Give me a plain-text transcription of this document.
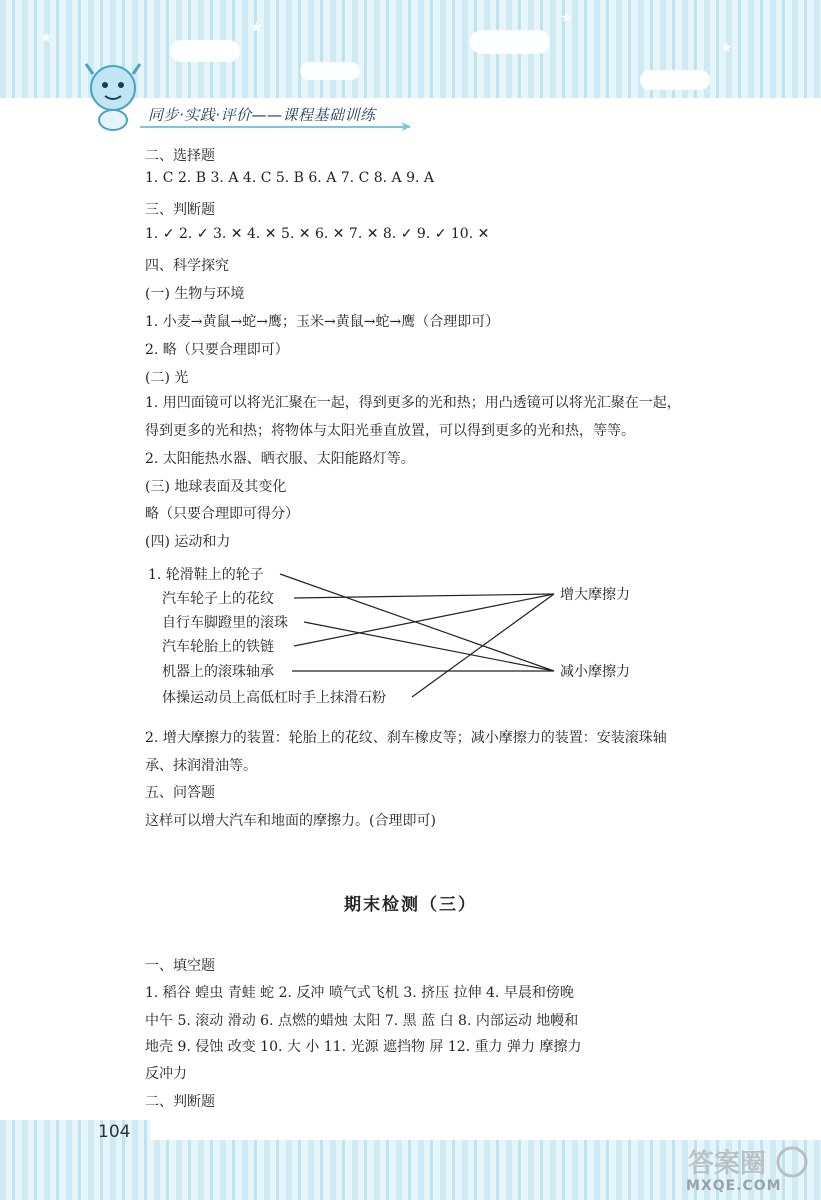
★
★
★
★
同步·实践·评价——课程基础训练
➤
二、选择题
1. C 2. B 3. A 4. C 5. B 6. A 7. C 8. A 9. A
三、判断题
1. ✓ 2. ✓ 3. ✕ 4. ✕ 5. ✕ 6. ✕ 7. ✕ 8. ✓ 9. ✓ 10. ✕
四、科学探究
(一) 生物与环境
1. 小麦→黄鼠→蛇→鹰；玉米→黄鼠→蛇→鹰（合理即可）
2. 略（只要合理即可）
(二) 光
1. 用凹面镜可以将光汇聚在一起，得到更多的光和热；用凸透镜可以将光汇聚在一起，
得到更多的光和热；将物体与太阳光垂直放置，可以得到更多的光和热，等等。
2. 太阳能热水器、晒衣服、太阳能路灯等。
(三) 地球表面及其变化
略（只要合理即可得分）
(四) 运动和力
1. 轮滑鞋上的轮子
汽车轮子上的花纹
自行车脚蹬里的滚珠
汽车轮胎上的铁链
机器上的滚珠轴承
体操运动员上高低杠时手上抹滑石粉
增大摩擦力
减小摩擦力
2. 增大摩擦力的装置：轮胎上的花纹、刹车橡皮等；减小摩擦力的装置：安装滚珠轴
承、抹润滑油等。
五、问答题
这样可以增大汽车和地面的摩擦力。(合理即可)
期末检测（三）
一、填空题
1. 稻谷 蝗虫 青蛙 蛇 2. 反冲 喷气式飞机 3. 挤压 拉伸 4. 早晨和傍晚
中午 5. 滚动 滑动 6. 点燃的蜡烛 太阳 7. 黑 蓝 白 8. 内部运动 地幔和
地壳 9. 侵蚀 改变 10. 大 小 11. 光源 遮挡物 屏 12. 重力 弹力 摩擦力
反冲力
二、判断题
104
答案圈
MXQE.COM
